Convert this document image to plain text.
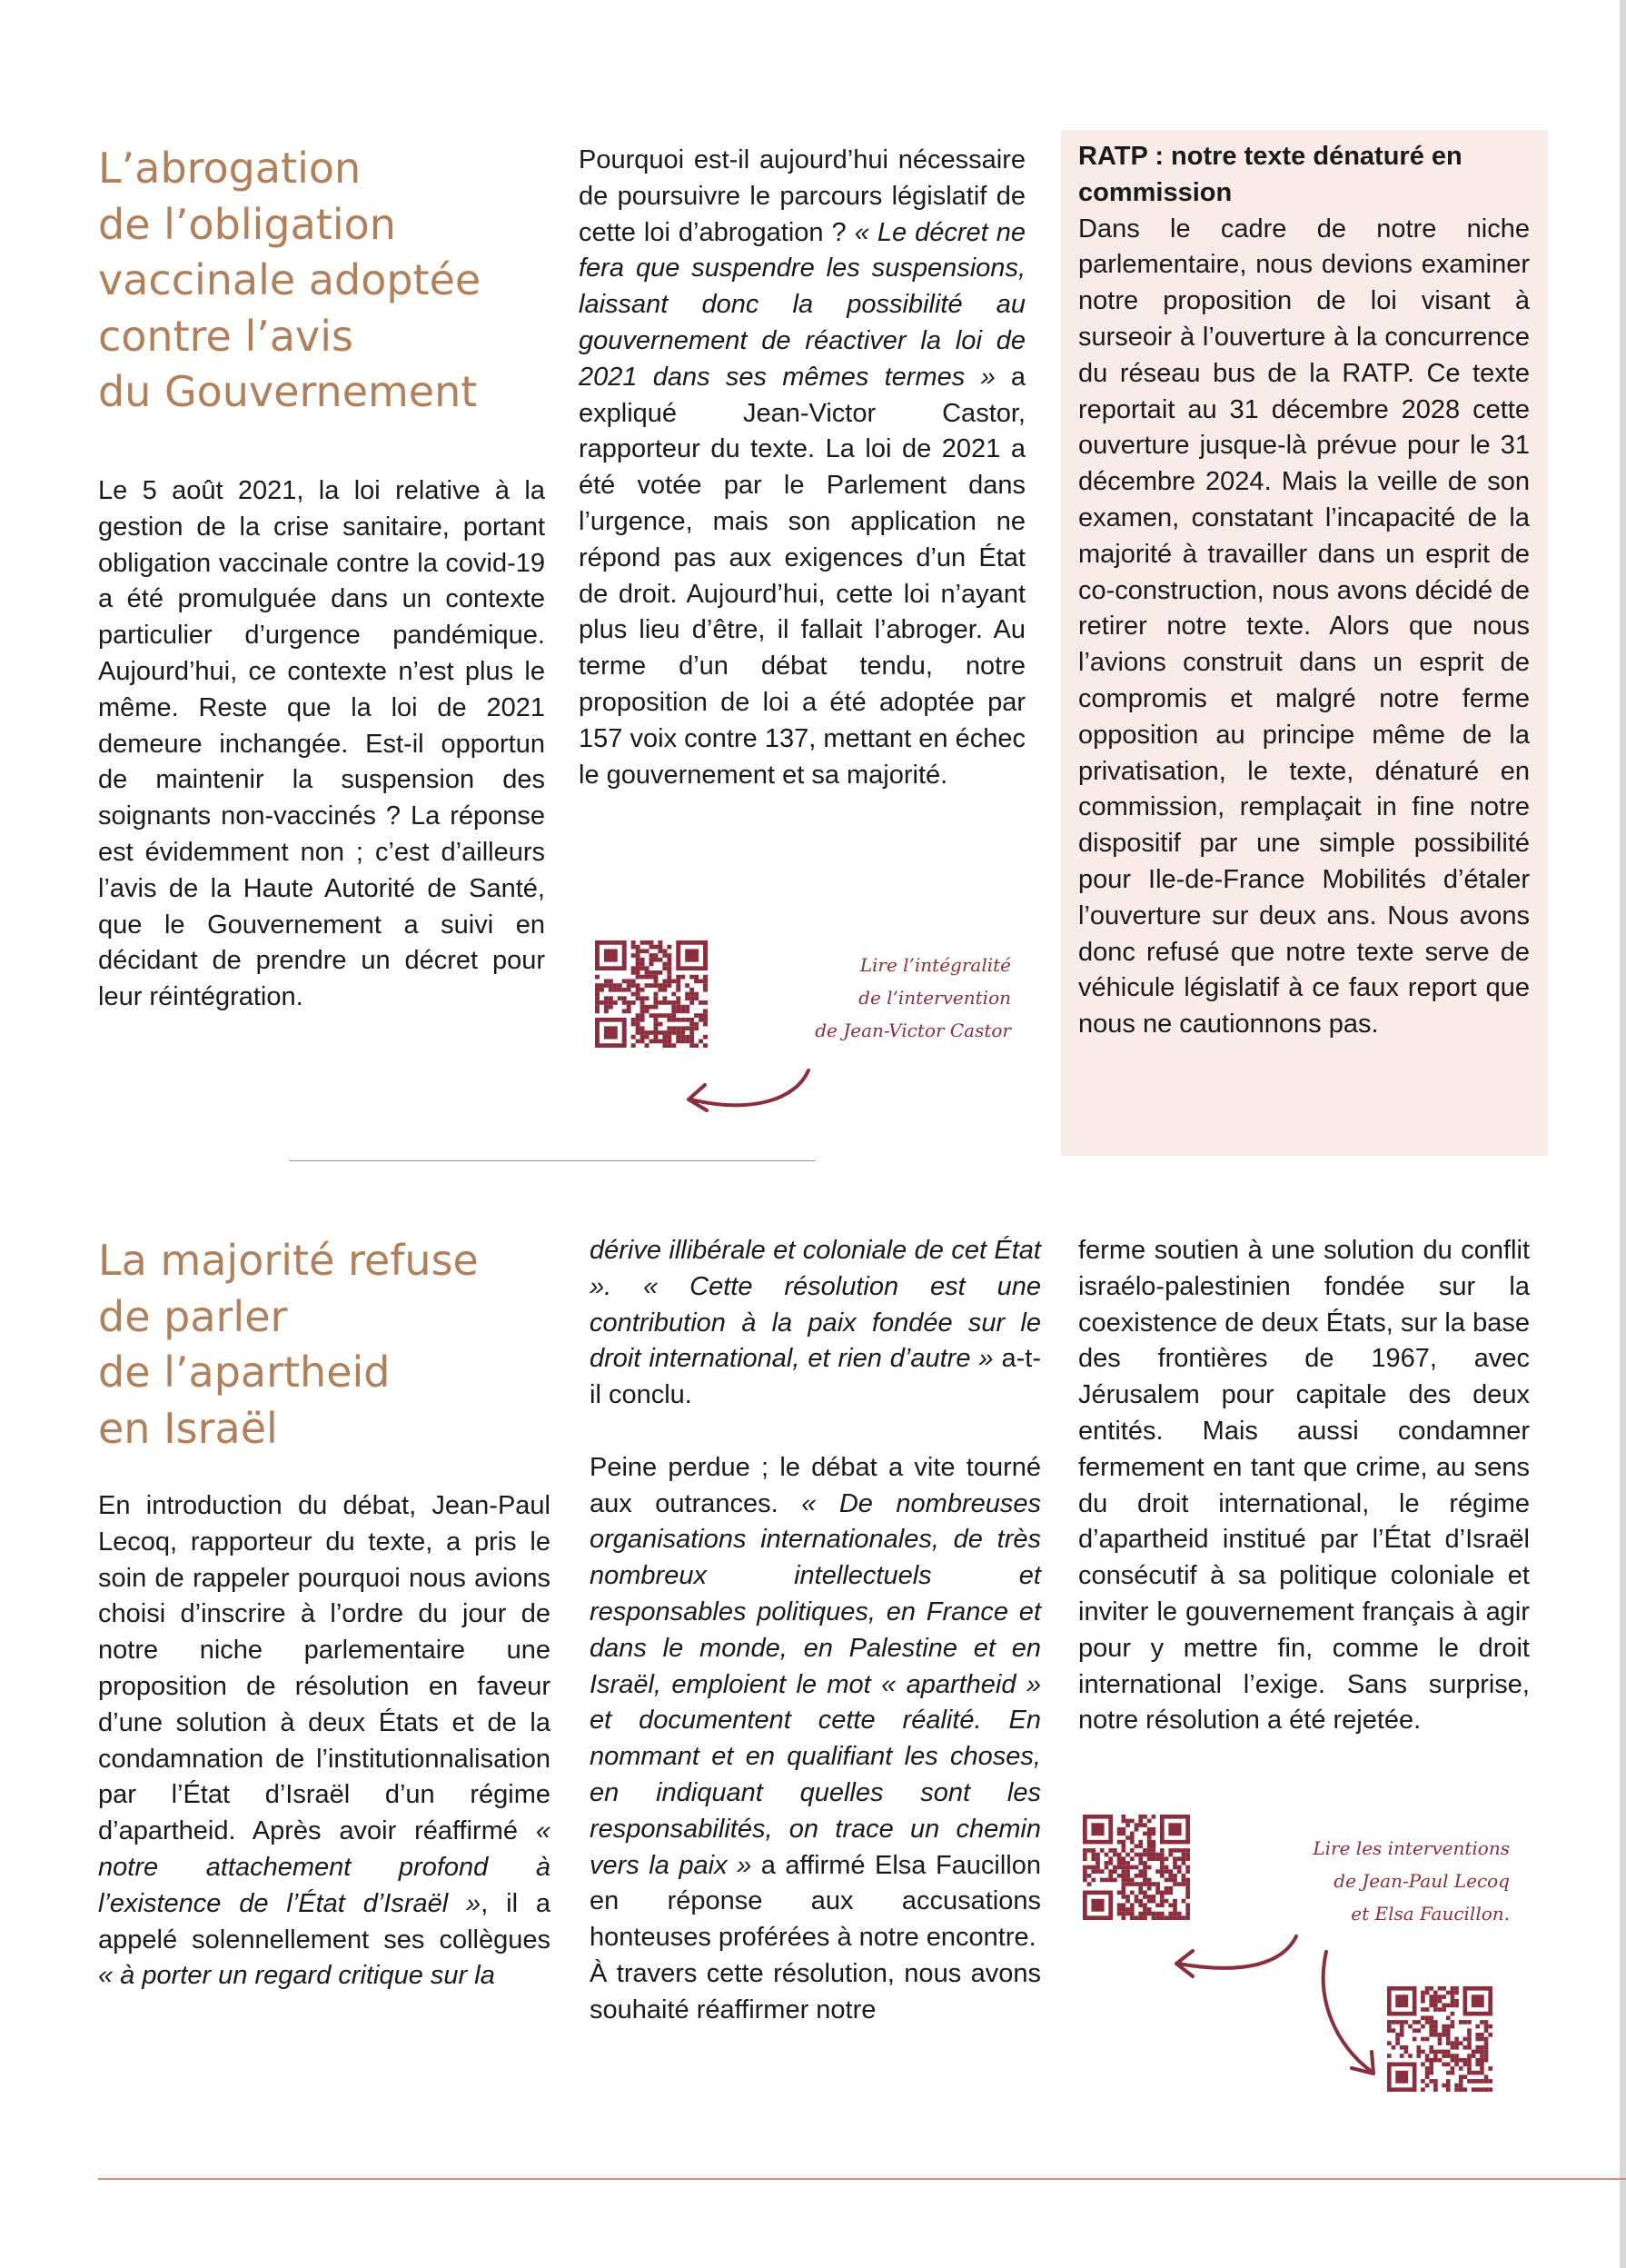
L’abrogation
de l’obligation
vaccinale adoptée
contre l’avis
du Gouvernement

Le 5 août 2021, la loi relative à la gestion de la crise sanitaire, portant obligation vaccinale contre la covid-19 a été promulguée dans un contexte particulier d’urgence pandémique. Aujourd’hui, ce contexte n’est plus le même. Reste que la loi de 2021 demeure inchangée. Est-il opportun de maintenir la suspension des soignants non-vaccinés ? La réponse est évidemment non ; c’est d’ailleurs l’avis de la Haute Autorité de Santé, que le Gouvernement a suivi en décidant de prendre un décret pour leur réintégration.

Pourquoi est-il aujourd’hui nécessaire de poursuivre le parcours législatif de cette loi d’abrogation ? « Le décret ne fera que suspendre les suspensions, laissant donc la possibilité au gouvernement de réactiver la loi de 2021 dans ses mêmes termes » a expliqué Jean-Victor Castor, rapporteur du texte. La loi de 2021 a été votée par le Parlement dans l’urgence, mais son application ne répond pas aux exigences d’un État de droit. Aujourd’hui, cette loi n’ayant plus lieu d’être, il fallait l’abroger. Au terme d’un débat tendu, notre proposition de loi a été adoptée par 157 voix contre 137, mettant en échec le gouvernement et sa majorité.

Lire l’intégralité
de l’intervention
de Jean-Victor Castor
RATP : notre texte dénaturé en commission

Dans le cadre de notre niche parlementaire, nous devions examiner notre proposition de loi visant à surseoir à l’ouverture à la concurrence du réseau bus de la RATP. Ce texte reportait au 31 décembre 2028 cette ouverture jusque-là prévue pour le 31 décembre 2024. Mais la veille de son examen, constatant l’incapacité de la majorité à travailler dans un esprit de co-construction, nous avons décidé de retirer notre texte. Alors que nous l’avions construit dans un esprit de compromis et malgré notre ferme opposition au principe même de la privatisation, le texte, dénaturé en commission, remplaçait in fine notre dispositif par une simple possibilité pour Ile-de-France Mobilités d’étaler l’ouverture sur deux ans. Nous avons donc refusé que notre texte serve de véhicule législatif à ce faux report que nous ne cautionnons pas.

La majorité refuse
de parler
de l’apartheid
en Israël

En introduction du débat, Jean-Paul Lecoq, rapporteur du texte, a pris le soin de rappeler pourquoi nous avions choisi d’inscrire à l’ordre du jour de notre niche parlementaire une proposition de résolution en faveur d’une solution à deux États et de la condamnation de l’institutionnalisation par l’État d’Israël d’un régime d’apartheid. Après avoir réaffirmé « notre attachement profond à l’existence de l’État d’Israël », il a appelé solennellement ses collègues « à porter un regard critique sur la

dérive illibérale et coloniale de cet État ». « Cette résolution est une contribution à la paix fondée sur le droit international, et rien d’autre » a-t-il conclu.

Peine perdue ; le débat a vite tourné aux outrances. « De nombreuses organisations internationales, de très nombreux intellectuels et responsables politiques, en France et dans le monde, en Palestine et en Israël, emploient le mot « apartheid » et documentent cette réalité. En nommant et en qualifiant les choses, en indiquant quelles sont les responsabilités, on trace un chemin vers la paix » a affirmé Elsa Faucillon en réponse aux accusations honteuses proférées à notre encontre.

À travers cette résolution, nous avons souhaité réaffirmer notre

ferme soutien à une solution du conflit israélo-palestinien fondée sur la coexistence de deux États, sur la base des frontières de 1967, avec Jérusalem pour capitale des deux entités. Mais aussi condamner fermement en tant que crime, au sens du droit international, le régime d’apartheid institué par l’État d’Israël consécutif à sa politique coloniale et inviter le gouvernement français à agir pour y mettre fin, comme le droit international l’exige. Sans surprise, notre résolution a été rejetée.

Lire les interventions
de Jean-Paul Lecoq
et Elsa Faucillon.
